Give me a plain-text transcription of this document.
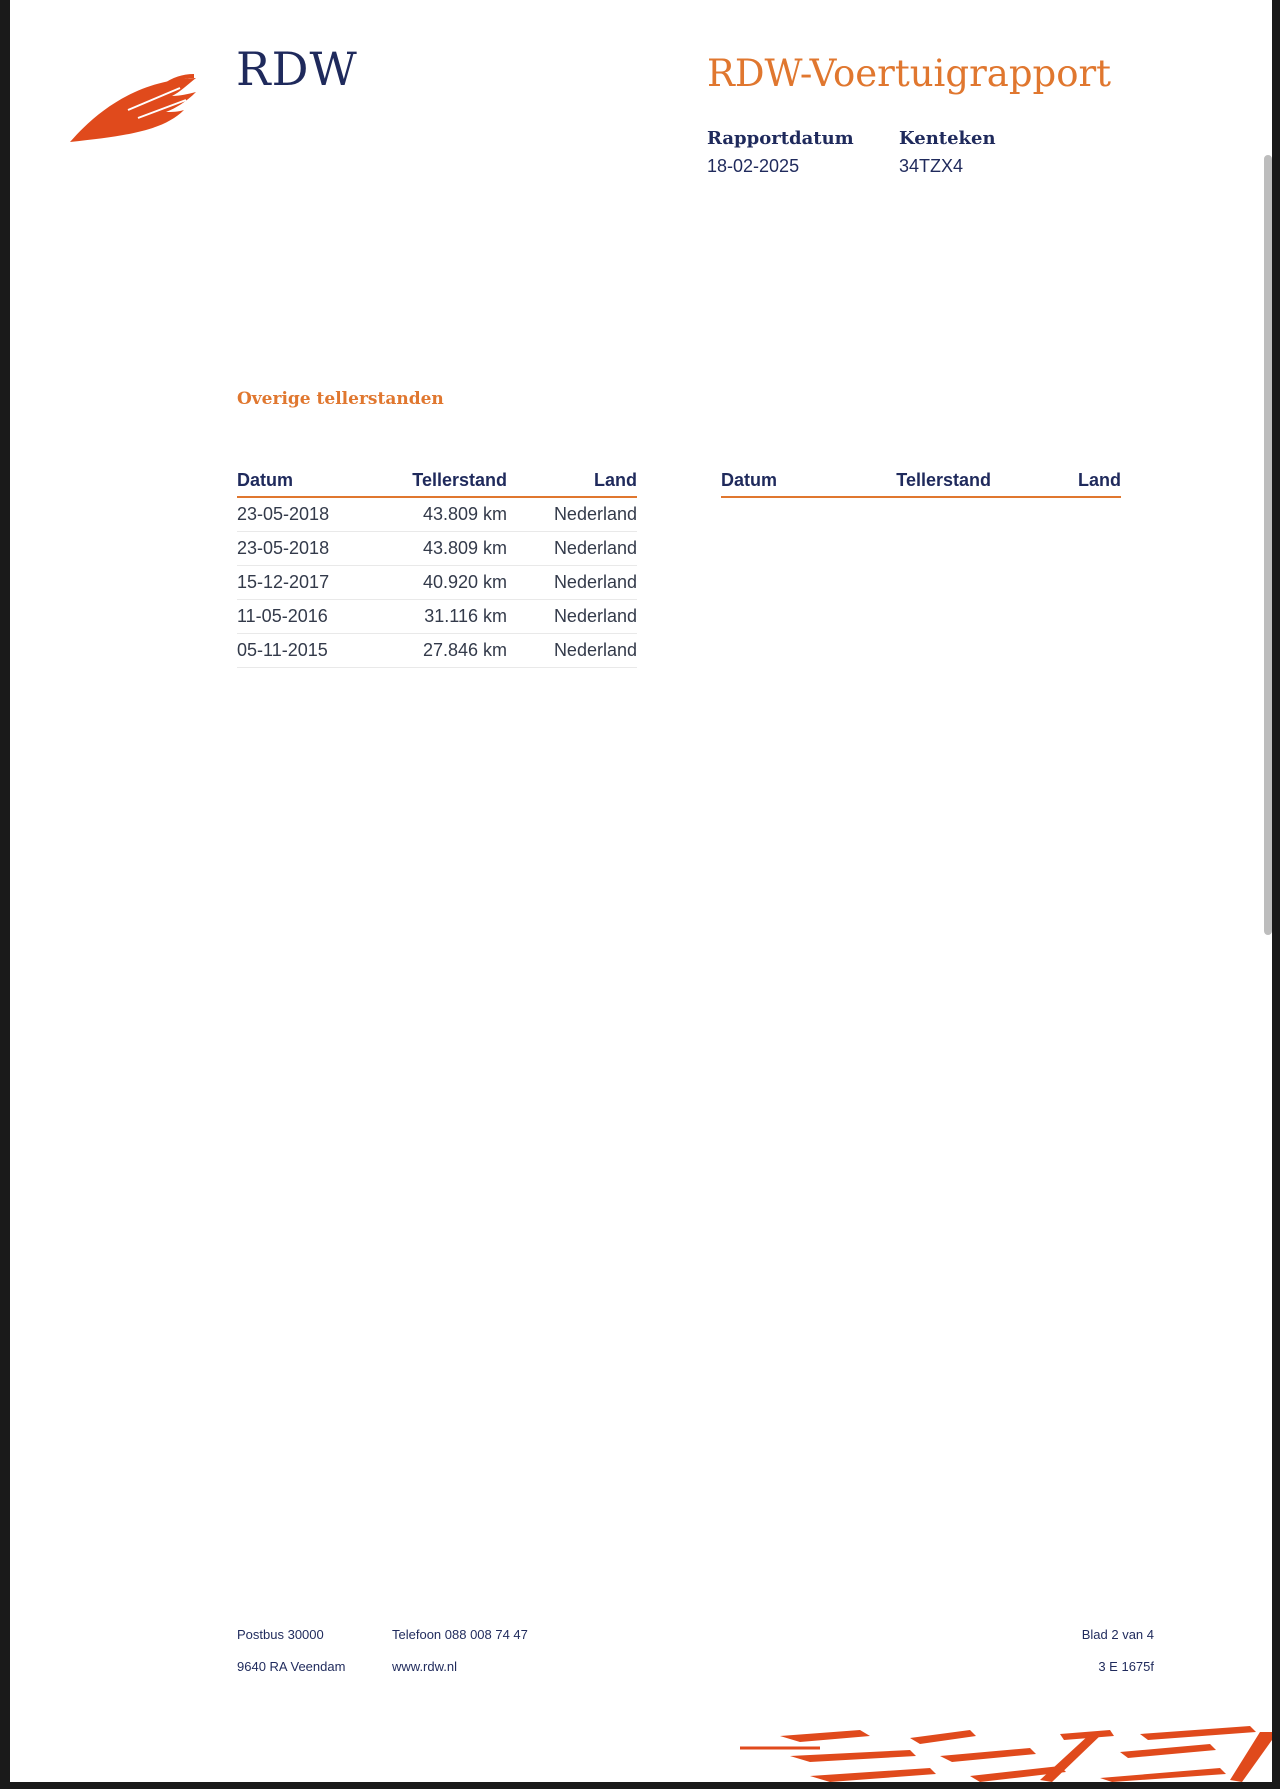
RDW	RDW-Voertuigrapport
Rapportdatum
18-02-2025
Kenteken
34TZX4
Overige tellerstanden
Datum	Tellerstand	Land
23-05-2018	43.809 km	Nederland
23-05-2018	43.809 km	Nederland
15-12-2017	40.920 km	Nederland
11-05-2016	31.116 km	Nederland
05-11-2015	27.846 km	Nederland
Datum	Tellerstand	Land
Postbus 30000
9640 RA Veendam
Telefoon 088 008 74 47
www.rdw.nl
Blad 2 van 4
3 E 1675f
